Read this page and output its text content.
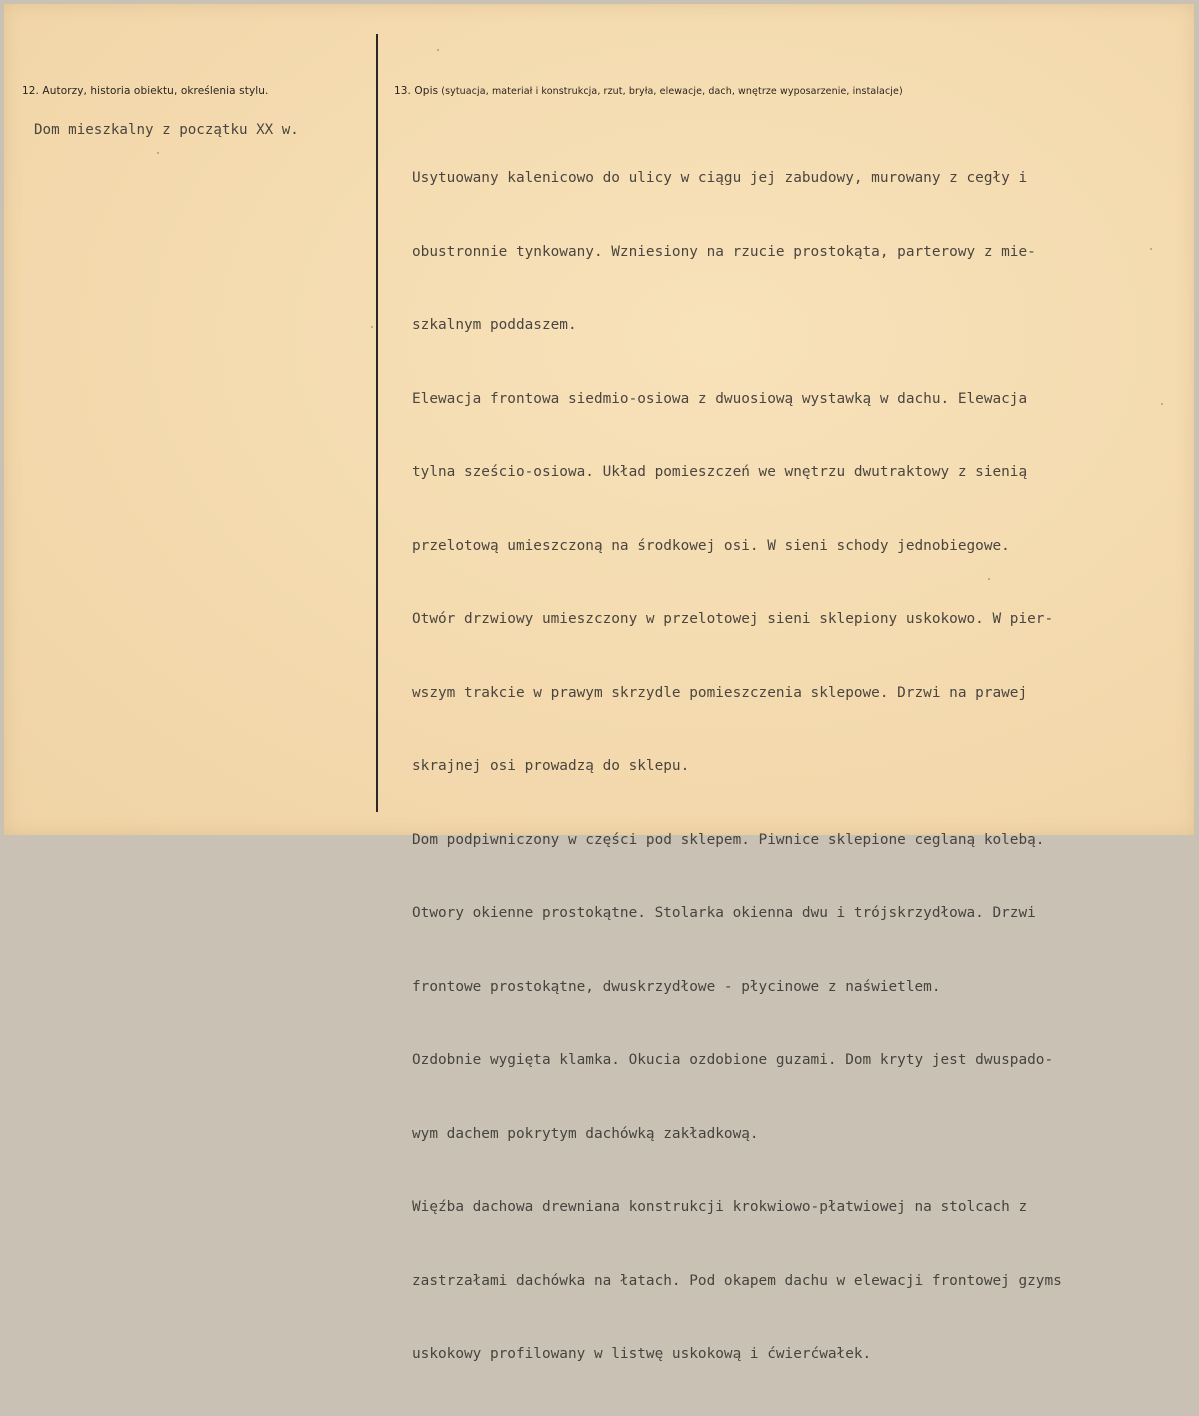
12. Autorzy, historia obiektu, określenia stylu.	13. Opis (sytuacja, materiał i konstrukcja, rzut, bryła, elewacje, dach, wnętrze wyposarzenie, instalacje)
Dom mieszkalny z początku XX w.

Usytuowany kalenicowo do ulicy w ciągu jej zabudowy, murowany z cegły i

obustronnie tynkowany. Wzniesiony na rzucie prostokąta, parterowy z mie-

szkalnym poddaszem.

Elewacja frontowa siedmio-osiowa z dwuosiową wystawką w dachu. Elewacja

tylna sześcio-osiowa. Układ pomieszczeń we wnętrzu dwutraktowy z sienią

przelotową umieszczoną na środkowej osi. W sieni schody jednobiegowe.

Otwór drzwiowy umieszczony w przelotowej sieni sklepiony uskokowo. W pier-

wszym trakcie w prawym skrzydle pomieszczenia sklepowe. Drzwi na prawej

skrajnej osi prowadzą do sklepu.

Dom podpiwniczony w części pod sklepem. Piwnice sklepione ceglaną kolebą.

Otwory okienne prostokątne. Stolarka okienna dwu i trójskrzydłowa. Drzwi

frontowe prostokątne, dwuskrzydłowe - płycinowe z naświetlem.

Ozdobnie wygięta klamka. Okucia ozdobione guzami. Dom kryty jest dwuspado-

wym dachem pokrytym dachówką zakładkową.

Więźba dachowa drewniana konstrukcji krokwiowo-płatwiowej na stolcach z

zastrzałami dachówka na łatach. Pod okapem dachu w elewacji frontowej gzyms

uskokowy profilowany w listwę uskokową i ćwierćwałek.
